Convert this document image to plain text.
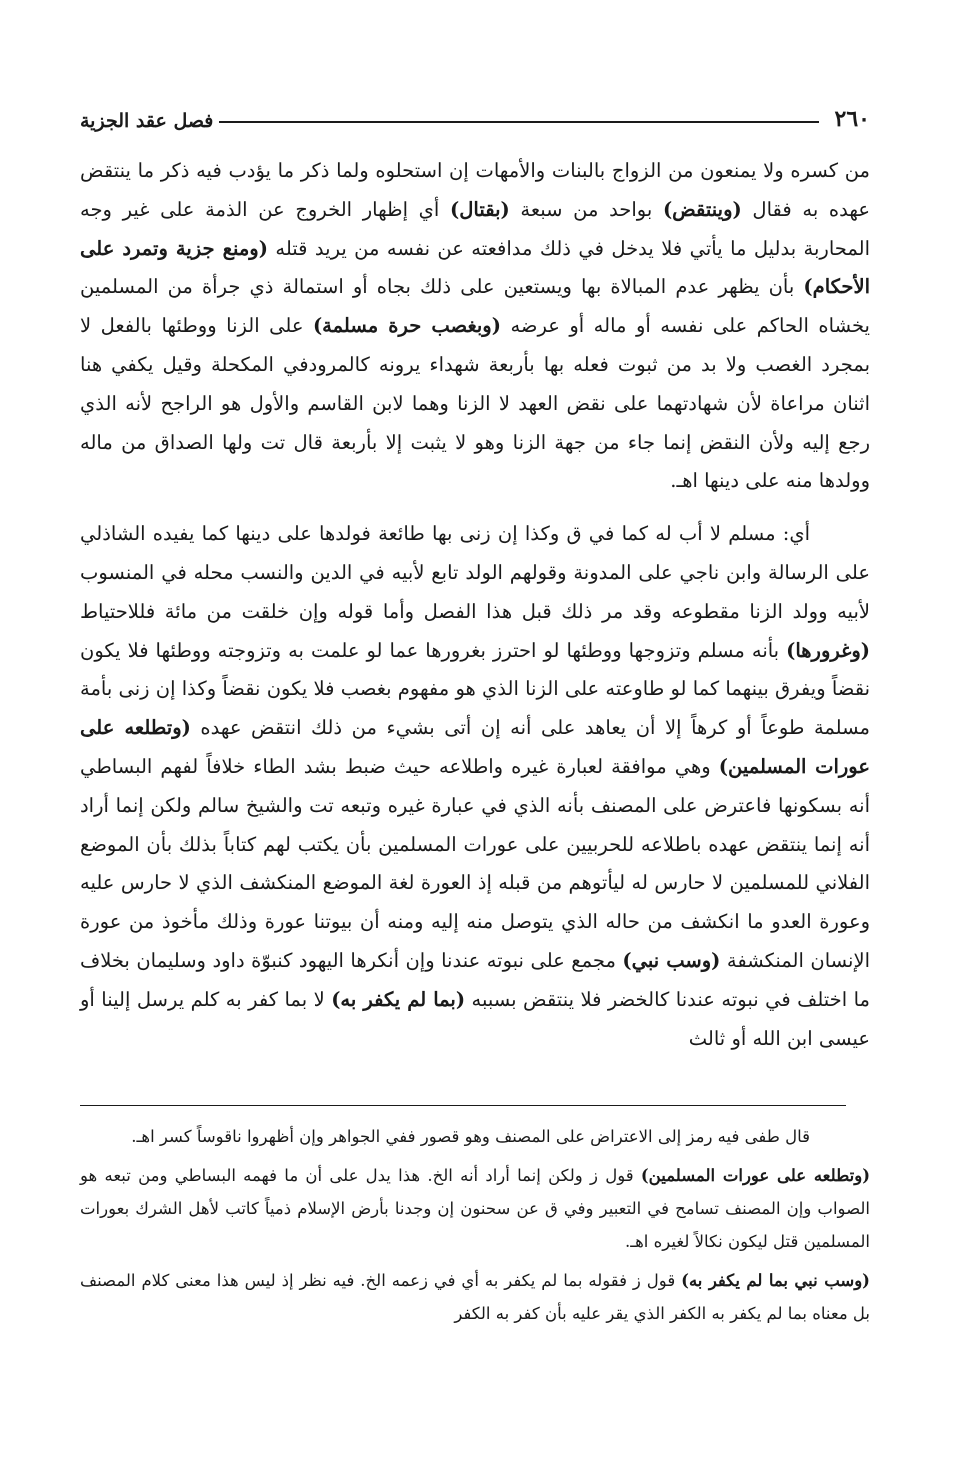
٢٦٠
فصل عقد الجزية

من كسره ولا يمنعون من الزواج بالبنات والأمهات إن استحلوه ولما ذكر ما يؤدب فيه ذكر ما ينتقض عهده به فقال (وينتقض) بواحد من سبعة (بقتال) أي إظهار الخروج عن الذمة على غير وجه المحاربة بدليل ما يأتي فلا يدخل في ذلك مدافعته عن نفسه من يريد قتله (ومنع جزية وتمرد على الأحكام) بأن يظهر عدم المبالاة بها ويستعين على ذلك بجاه أو استمالة ذي جرأة من المسلمين يخشاه الحاكم على نفسه أو ماله أو عرضه (وبغصب حرة مسلمة) على الزنا ووطئها بالفعل لا بمجرد الغصب ولا بد من ثبوت فعله بها بأربعة شهداء يرونه كالمرودفي المكحلة وقيل يكفي هنا اثنان مراعاة لأن شهادتهما على نقض العهد لا الزنا وهما لابن القاسم والأول هو الراجح لأنه الذي رجع إليه ولأن النقض إنما جاء من جهة الزنا وهو لا يثبت إلا بأربعة قال تت ولها الصداق من ماله وولدها منه على دينها اهـ.

أي: مسلم لا أب له كما في ق وكذا إن زنى بها طائعة فولدها على دينها كما يفيده الشاذلي على الرسالة وابن ناجي على المدونة وقولهم الولد تابع لأبيه في الدين والنسب محله في المنسوب لأبيه وولد الزنا مقطوعه وقد مر ذلك قبل هذا الفصل وأما قوله وإن خلقت من مائة فللاحتياط (وغرورها) بأنه مسلم وتزوجها ووطئها لو احترز بغرورها عما لو علمت به وتزوجته ووطئها فلا يكون نقضاً ويفرق بينهما كما لو طاوعته على الزنا الذي هو مفهوم بغصب فلا يكون نقضاً وكذا إن زنى بأمة مسلمة طوعاً أو كرهاً إلا أن يعاهد على أنه إن أتى بشيء من ذلك انتقض عهده (وتطلعه على عورات المسلمين) وهي موافقة لعبارة غيره واطلاعه حيث ضبط بشد الطاء خلافاً لفهم البساطي أنه بسكونها فاعترض على المصنف بأنه الذي في عبارة غيره وتبعه تت والشيخ سالم ولكن إنما أراد أنه إنما ينتقض عهده باطلاعه للحربيين على عورات المسلمين بأن يكتب لهم كتاباً بذلك بأن الموضع الفلاني للمسلمين لا حارس له ليأتوهم من قبله إذ العورة لغة الموضع المنكشف الذي لا حارس عليه وعورة العدو ما انكشف من حاله الذي يتوصل منه إليه ومنه أن بيوتنا عورة وذلك مأخوذ من عورة الإنسان المنكشفة (وسب نبي) مجمع على نبوته عندنا وإن أنكرها اليهود كنبوّة داود وسليمان بخلاف ما اختلف في نبوته عندنا كالخضر فلا ينتقض بسببه (بما لم يكفر به) لا بما كفر به كلم يرسل إلينا أو عيسى ابن الله أو ثالث

قال طفى فيه رمز إلى الاعتراض على المصنف وهو قصور ففي الجواهر وإن أظهروا ناقوساً كسر اهـ.

(وتطلعه على عورات المسلمين) قول ز ولكن إنما أراد أنه الخ. هذا يدل على أن ما فهمه البساطي ومن تبعه هو الصواب وإن المصنف تسامح في التعبير وفي ق عن سحنون إن وجدنا بأرض الإسلام ذمياً كاتب لأهل الشرك بعورات المسلمين قتل ليكون نكالاً لغيره اهـ.

(وسب نبي بما لم يكفر به) قول ز فقوله بما لم يكفر به أي في زعمه الخ. فيه نظر إذ ليس هذا معنى كلام المصنف بل معناه بما لم يكفر به الكفر الذي يقر عليه بأن كفر به الكفر
